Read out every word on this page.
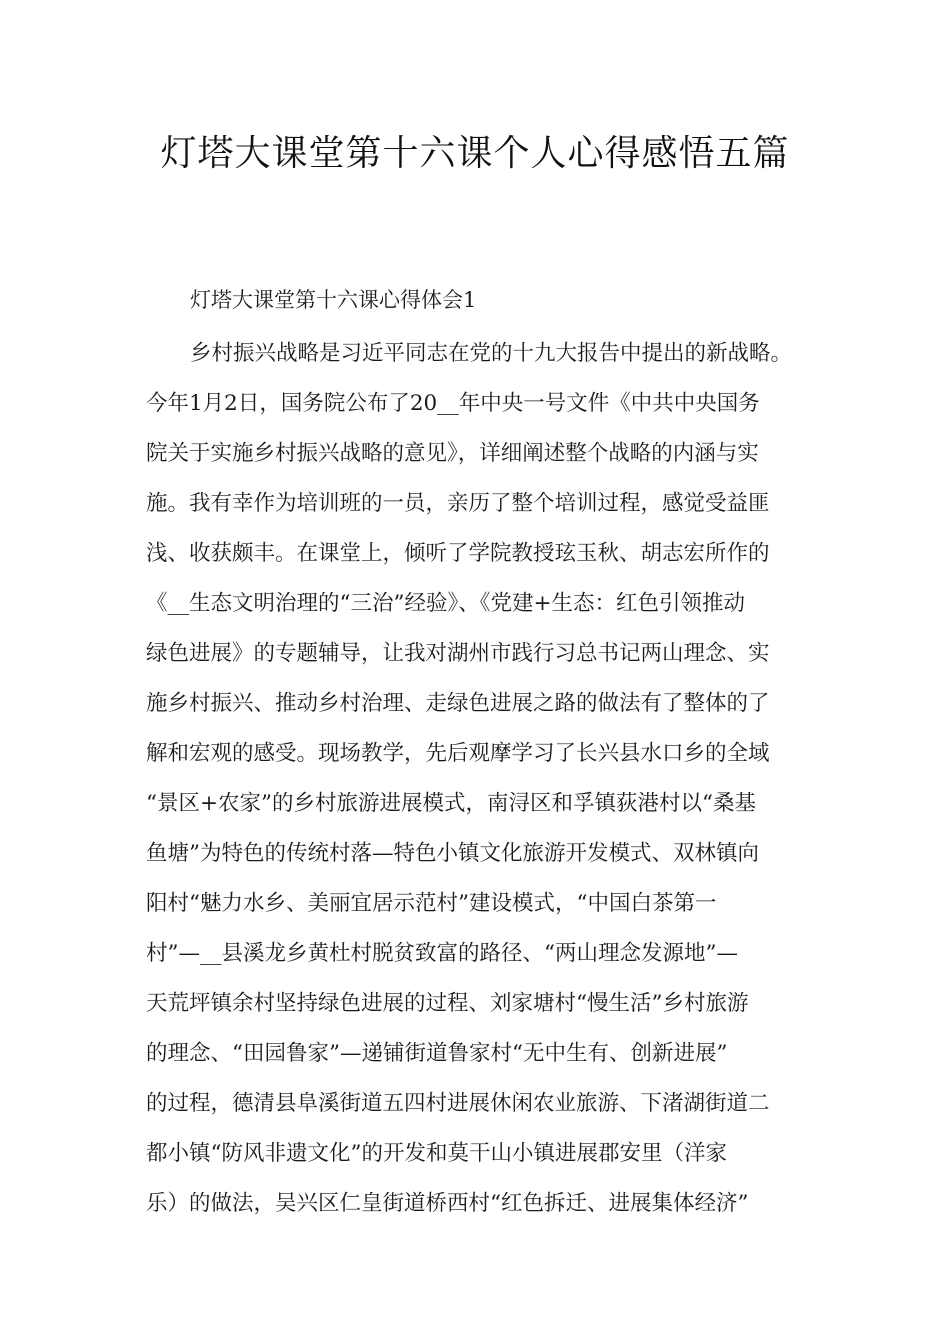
灯塔大课堂第十六课个人心得感悟五篇
灯塔大课堂第十六课心得体会1
乡村振兴战略是习近平同志在党的十九大报告中提出的新战略。
今年1月2日，国务院公布了20__年中央一号文件《中共中央国务
院关于实施乡村振兴战略的意见》，详细阐述整个战略的内涵与实
施。我有幸作为培训班的一员，亲历了整个培训过程，感觉受益匪
浅、收获颇丰。在课堂上，倾听了学院教授玹玉秋、胡志宏所作的
《__生态文明治理的“三治”经验》、《党建+生态：红色引领推动
绿色进展》的专题辅导，让我对湖州市践行习总书记两山理念、实
施乡村振兴、推动乡村治理、走绿色进展之路的做法有了整体的了
解和宏观的感受。现场教学，先后观摩学习了长兴县水口乡的全域
“景区+农家”的乡村旅游进展模式，南浔区和孚镇荻港村以“桑基
鱼塘”为特色的传统村落—特色小镇文化旅游开发模式、双林镇向
阳村“魅力水乡、美丽宜居示范村”建设模式，“中国白茶第一
村”—__县溪龙乡黄杜村脱贫致富的路径、“两山理念发源地”—
天荒坪镇余村坚持绿色进展的过程、刘家塘村“慢生活”乡村旅游
的理念、“田园鲁家”—递铺街道鲁家村“无中生有、创新进展”
的过程，德清县阜溪街道五四村进展休闲农业旅游、下渚湖街道二
都小镇“防风非遗文化”的开发和莫干山小镇进展郡安里（洋家
乐）的做法，吴兴区仁皇街道桥西村“红色拆迁、进展集体经济”
